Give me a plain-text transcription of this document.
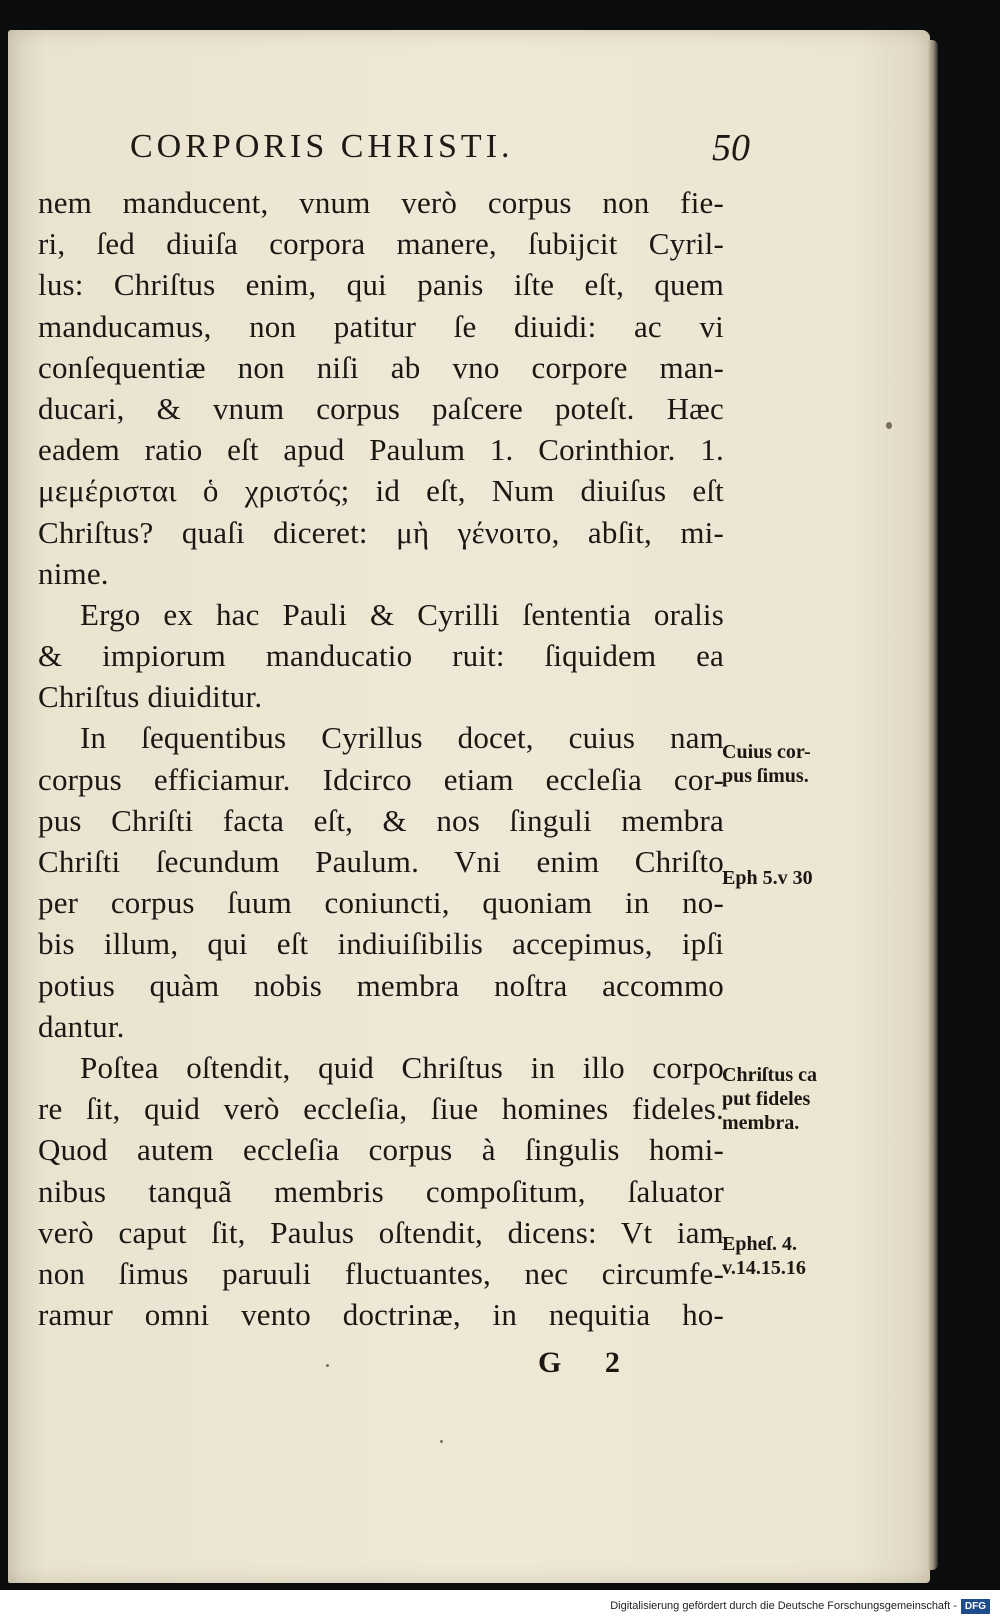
CORPORIS CHRISTI.	50
nem manducent, vnum verò corpus non fie-
ri, ſed diuiſa corpora manere, ſubijcit Cyril-
lus: Chriſtus enim, qui panis iſte eſt, quem
manducamus, non patitur ſe diuidi: ac vi
conſequentiæ non niſi ab vno corpore man-
ducari, & vnum corpus paſcere poteſt. Hæc
eadem ratio eſt apud Paulum 1. Corinthior. 1.
μεμέρισται ὁ χριστός; id eſt, Num diuiſus eſt
Chriſtus? quaſi diceret: μὴ γένοιτο, abſit, mi-
nime.
Ergo ex hac Pauli & Cyrilli ſententia oralis
& impiorum manducatio ruit: ſiquidem ea
Chriſtus diuiditur.
In ſequentibus Cyrillus docet, cuius nam
corpus efficiamur. Idcirco etiam eccleſia cor-
pus Chriſti facta eſt, & nos ſinguli membra
Chriſti ſecundum Paulum. Vni enim Chriſto
per corpus ſuum coniuncti, quoniam in no-
bis illum, qui eſt indiuiſibilis accepimus, ipſi
potius quàm nobis membra noſtra accommo
dantur.
Poſtea oſtendit, quid Chriſtus in illo corpo
re ſit, quid verò eccleſia, ſiue homines fideles.
Quod autem eccleſia corpus à ſingulis homi-
nibus tanquã membris compoſitum, ſaluator
verò caput ſit, Paulus oſtendit, dicens: Vt iam
non ſimus paruuli fluctuantes, nec circumfe-
ramur omni vento doctrinæ, in nequitia ho-
Cuius cor-
pus ſimus.
Eph 5.v 30
Chriſtus ca
put fideles
membra.
Epheſ. 4.
v.14.15.16
G 2
Digitalisierung gefördert durch die Deutsche Forschungsgemeinschaft - DFG
